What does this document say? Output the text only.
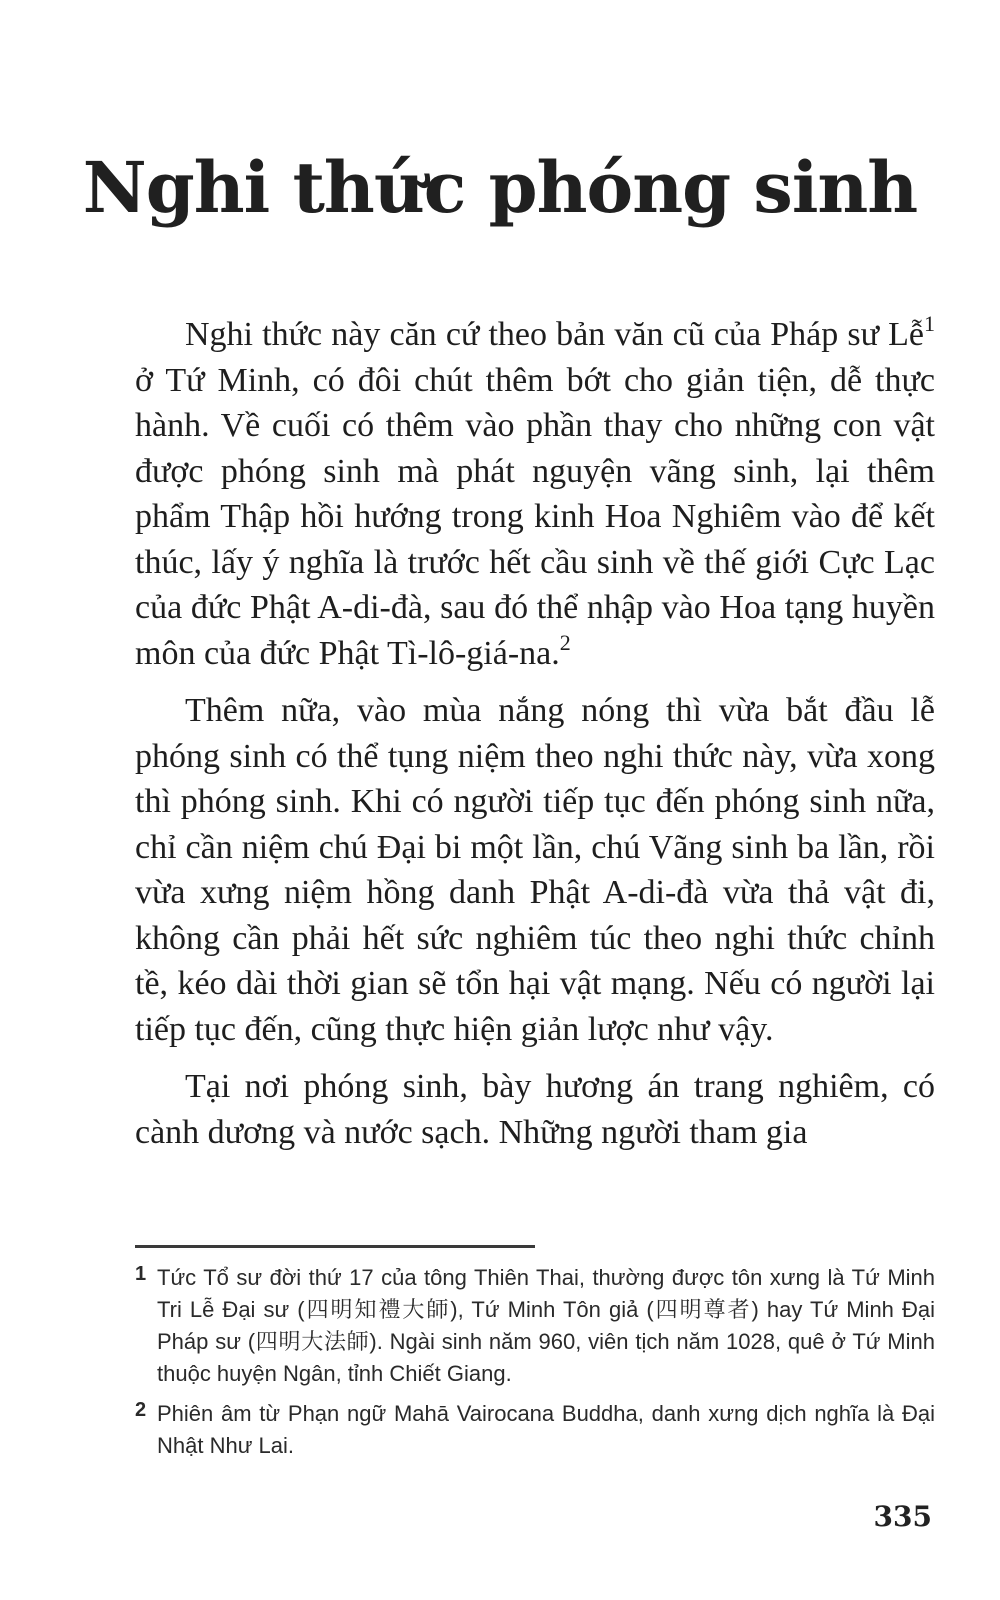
Nghi thức phóng sinh

Nghi thức này căn cứ theo bản văn cũ của Pháp sư Lễ$^1$ ở Tứ Minh, có đôi chút thêm bớt cho giản tiện, dễ thực hành. Về cuối có thêm vào phần thay cho những con vật được phóng sinh mà phát nguyện vãng sinh, lại thêm phẩm Thập hồi hướng trong kinh Hoa Nghiêm vào để kết thúc, lấy ý nghĩa là trước hết cầu sinh về thế giới Cực Lạc của đức Phật A-di-đà, sau đó thể nhập vào Hoa tạng huyền môn của đức Phật Tì-lô-giá-na.$^2$

Thêm nữa, vào mùa nắng nóng thì vừa bắt đầu lễ phóng sinh có thể tụng niệm theo nghi thức này, vừa xong thì phóng sinh. Khi có người tiếp tục đến phóng sinh nữa, chỉ cần niệm chú Đại bi một lần, chú Vãng sinh ba lần, rồi vừa xưng niệm hồng danh Phật A-di-đà vừa thả vật đi, không cần phải hết sức nghiêm túc theo nghi thức chỉnh tề, kéo dài thời gian sẽ tổn hại vật mạng. Nếu có người lại tiếp tục đến, cũng thực hiện giản lược như vậy.

Tại nơi phóng sinh, bày hương án trang nghiêm, có cành dương và nước sạch. Những người tham gia

1 Tức Tổ sư đời thứ 17 của tông Thiên Thai, thường được tôn xưng là Tứ Minh Tri Lễ Đại sư (四明知禮大師), Tứ Minh Tôn giả (四明尊者) hay Tứ Minh Đại Pháp sư (四明大法師). Ngài sinh năm 960, viên tịch năm 1028, quê ở Tứ Minh thuộc huyện Ngân, tỉnh Chiết Giang.
2 Phiên âm từ Phạn ngữ Mahā Vairocana Buddha, danh xưng dịch nghĩa là Đại Nhật Như Lai.
335
